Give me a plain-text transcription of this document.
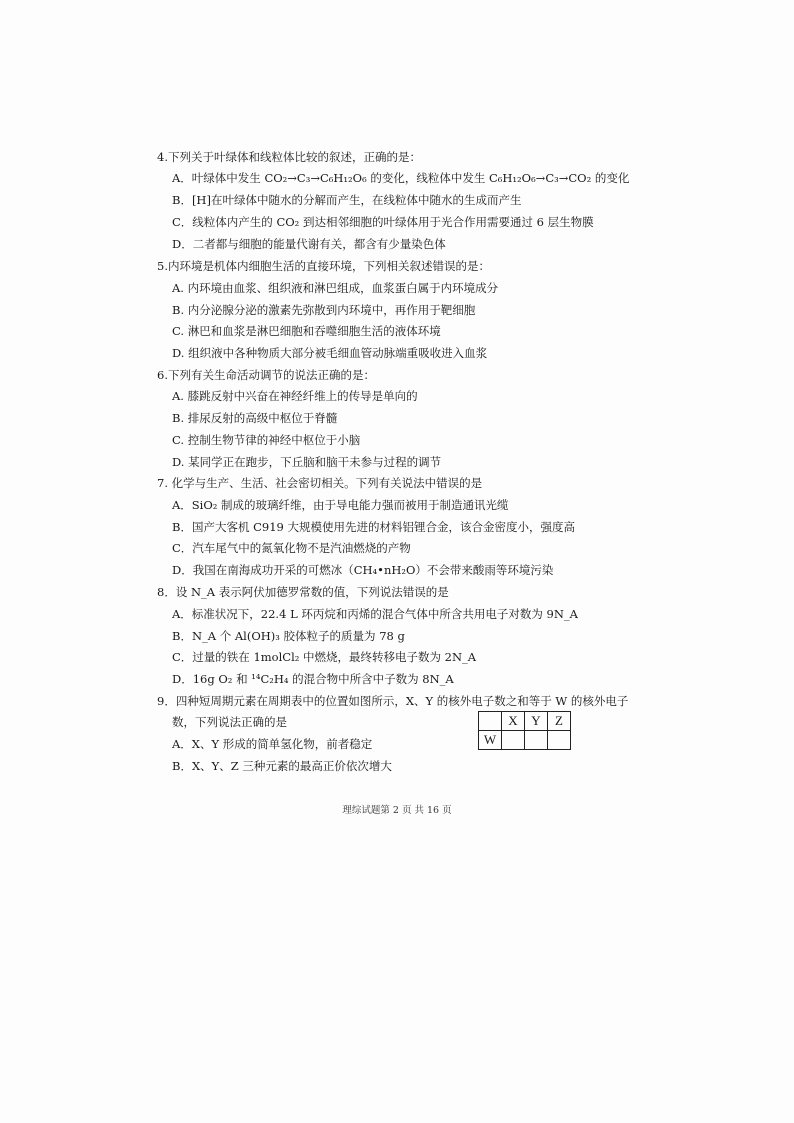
4.下列关于叶绿体和线粒体比较的叙述，正确的是：
A．叶绿体中发生 CO₂→C₃→C₆H₁₂O₆ 的变化，线粒体中发生 C₆H₁₂O₆→C₃→CO₂ 的变化
B．[H]在叶绿体中随水的分解而产生，在线粒体中随水的生成而产生
C．线粒体内产生的 CO₂ 到达相邻细胞的叶绿体用于光合作用需要通过 6 层生物膜
D．二者都与细胞的能量代谢有关，都含有少量染色体
5.内环境是机体内细胞生活的直接环境，下列相关叙述错误的是：
A. 内环境由血浆、组织液和淋巴组成，血浆蛋白属于内环境成分
B. 内分泌腺分泌的激素先弥散到内环境中，再作用于靶细胞
C. 淋巴和血浆是淋巴细胞和吞噬细胞生活的液体环境
D. 组织液中各种物质大部分被毛细血管动脉端重吸收进入血浆
6.下列有关生命活动调节的说法正确的是：
A. 膝跳反射中兴奋在神经纤维上的传导是单向的
B. 排尿反射的高级中枢位于脊髓
C. 控制生物节律的神经中枢位于小脑
D. 某同学正在跑步，下丘脑和脑干未参与过程的调节
7. 化学与生产、生活、社会密切相关。下列有关说法中错误的是
A．SiO₂ 制成的玻璃纤维，由于导电能力强而被用于制造通讯光缆
B．国产大客机 C919 大规模使用先进的材料铝锂合金，该合金密度小，强度高
C．汽车尾气中的氮氧化物不是汽油燃烧的产物
D．我国在南海成功开采的可燃冰（CH₄•nH₂O）不会带来酸雨等环境污染
8．设 N_A 表示阿伏加德罗常数的值，下列说法错误的是
A．标准状况下，22.4 L 环丙烷和丙烯的混合气体中所含共用电子对数为 9N_A
B．N_A 个 Al(OH)₃ 胶体粒子的质量为 78 g
C．过量的铁在 1molCl₂ 中燃烧，最终转移电子数为 2N_A
D．16g O₂ 和 ¹⁴C₂H₄ 的混合物中所含中子数为 8N_A
9．四种短周期元素在周期表中的位置如图所示，X、Y 的核外电子数之和等于 W 的核外电子
数，下列说法正确的是
A．X、Y 形成的简单氢化物，前者稳定
B．X、Y、Z 三种元素的最高正价依次增大
	X	Y	Z
W			
理综试题第 2 页 共 16 页
